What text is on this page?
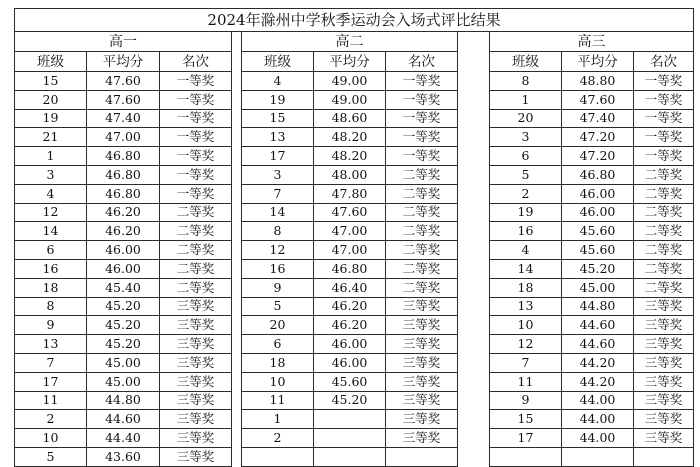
2024年滁州中学秋季运动会入场式评比结果										
高一				高二				高三		
班级	平均分	名次		班级	平均分	名次		班级	平均分	名次
15	47.60	一等奖		4	49.00	一等奖		8	48.80	一等奖
20	47.60	一等奖		19	49.00	一等奖		1	47.60	一等奖
19	47.40	一等奖		15	48.60	一等奖		20	47.40	一等奖
21	47.00	一等奖		13	48.20	一等奖		3	47.20	一等奖
1	46.80	一等奖		17	48.20	一等奖		6	47.20	一等奖
3	46.80	一等奖		3	48.00	二等奖		5	46.80	二等奖
4	46.80	一等奖		7	47.80	二等奖		2	46.00	二等奖
12	46.20	二等奖		14	47.60	二等奖		19	46.00	二等奖
14	46.20	二等奖		8	47.00	二等奖		16	45.60	二等奖
6	46.00	二等奖		12	47.00	二等奖		4	45.60	二等奖
16	46.00	二等奖		16	46.80	二等奖		14	45.20	二等奖
18	45.40	二等奖		9	46.40	二等奖		18	45.00	二等奖
8	45.20	三等奖		5	46.20	三等奖		13	44.80	三等奖
9	45.20	三等奖		20	46.20	三等奖		10	44.60	三等奖
13	45.20	三等奖		6	46.00	三等奖		12	44.60	三等奖
7	45.00	三等奖		18	46.00	三等奖		7	44.20	三等奖
17	45.00	三等奖		10	45.60	三等奖		11	44.20	三等奖
11	44.80	三等奖		11	45.20	三等奖		9	44.00	三等奖
2	44.60	三等奖		1		三等奖		15	44.00	三等奖
10	44.40	三等奖		2		三等奖		17	44.00	三等奖
5	43.60	三等奖								
